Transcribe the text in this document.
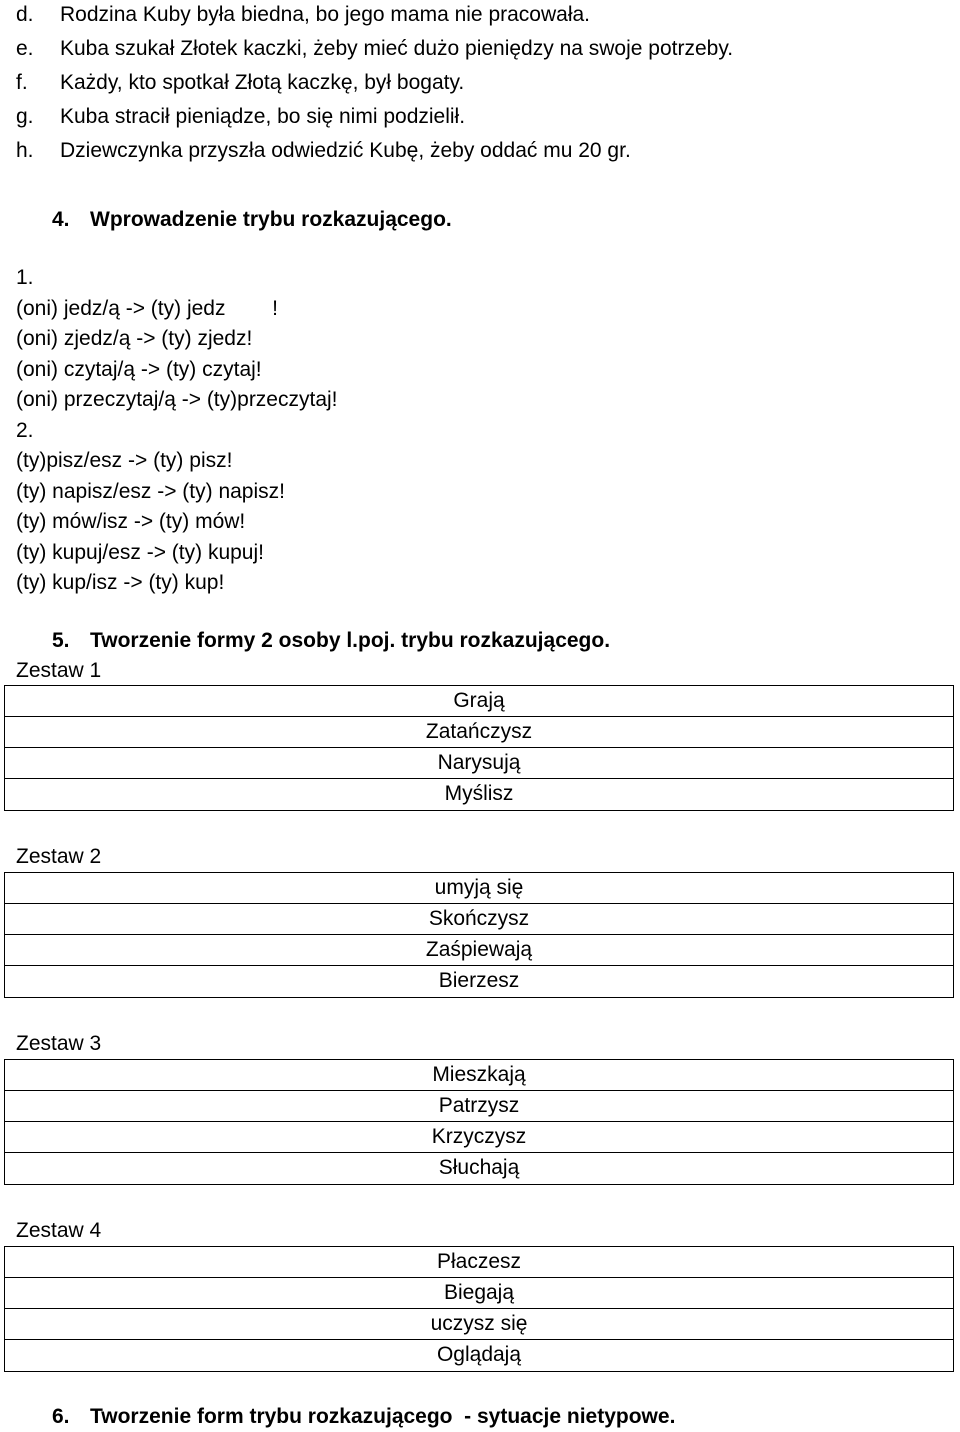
d.	Rodzina Kuby była biedna, bo jego mama nie pracowała.
e.	Kuba szukał Złotek kaczki, żeby mieć dużo pieniędzy na swoje potrzeby.
f.	Każdy, kto spotkał Złotą kaczkę, był bogaty.
g.	Kuba stracił pieniądze, bo się nimi podzielił.
h.	Dziewczynka przyszła odwiedzić Kubę, żeby oddać mu 20 gr.
4. Wprowadzenie trybu rozkazującego.
1.
(oni) jedz/ą -> (ty) jedz        !
(oni) zjedz/ą -> (ty) zjedz!
(oni) czytaj/ą -> (ty) czytaj!
(oni) przeczytaj/ą -> (ty)przeczytaj!
2.
(ty)pisz/esz -> (ty) pisz!
(ty) napisz/esz -> (ty) napisz!
(ty) mów/isz -> (ty) mów!
(ty) kupuj/esz -> (ty) kupuj!
(ty) kup/isz -> (ty) kup!
5. Tworzenie formy 2 osoby l.poj. trybu rozkazującego.
Zestaw 1
Grają
Zatańczysz
Narysują
Myślisz
Zestaw 2
umyją się
Skończysz
Zaśpiewają
Bierzesz
Zestaw 3
Mieszkają
Patrzysz
Krzyczysz
Słuchają
Zestaw 4
Płaczesz
Biegają
uczysz się
Oglądają
6. Tworzenie form trybu rozkazującego  - sytuacje nietypowe.
